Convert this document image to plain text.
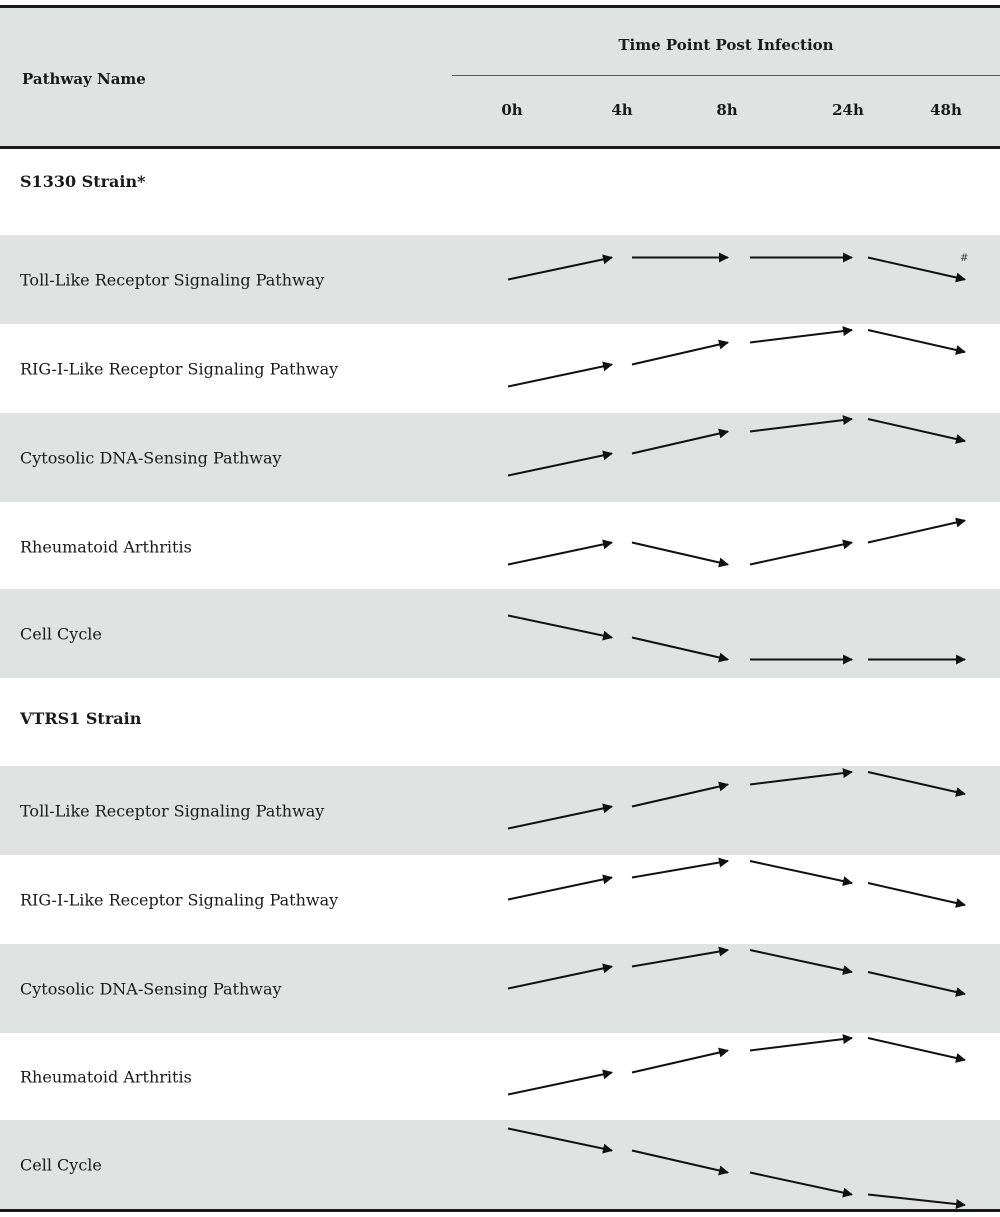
Pathway Name
Time Point Post Infection
0h	4h	8h	24h	48h
S1330 Strain*
Toll-Like Receptor Signaling Pathway
RIG-I-Like Receptor Signaling Pathway
Cytosolic DNA-Sensing Pathway
Rheumatoid Arthritis
Cell Cycle
VTRS1 Strain
Toll-Like Receptor Signaling Pathway
RIG-I-Like Receptor Signaling Pathway
Cytosolic DNA-Sensing Pathway
Rheumatoid Arthritis
Cell Cycle
#
